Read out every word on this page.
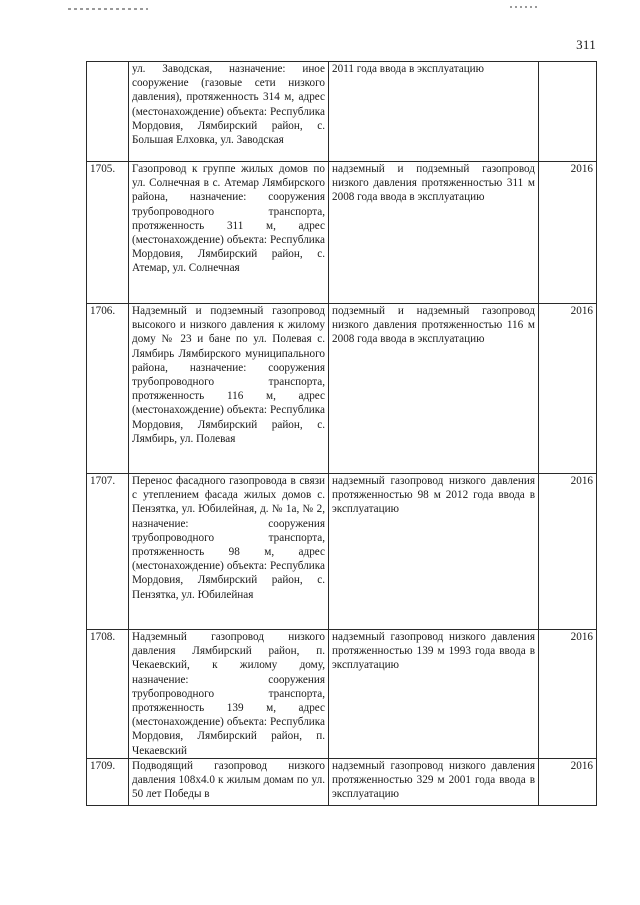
311
	ул. Заводская, назначение: иное сооружение (газовые сети низкого давления), протяженность 314 м, адрес (местонахождение) объекта: Республика Мордовия, Лямбирский район, с. Большая Елховка, ул. Заводская	2011 года ввода в эксплуатацию	
1705.	Газопровод к группе жилых домов по ул. Солнечная в с. Атемар Лямбирского района, назначение: сооружения трубопроводного транспорта, протяженность 311 м, адрес (местонахождение) объекта: Республика Мордовия, Лямбирский район, с. Атемар, ул. Солнечная	надземный и подземный газопровод низкого давления протяженностью 311 м 2008 года ввода в эксплуатацию	2016
1706.	Надземный и подземный газопровод высокого и низкого давления к жилому дому № 23 и бане по ул. Полевая с. Лямбирь Лямбирского муниципального района, назначение: сооружения трубопроводного транспорта, протяженность 116 м, адрес (местонахождение) объекта: Республика Мордовия, Лямбирский район, с. Лямбирь, ул. Полевая	подземный и надземный газопровод низкого давления протяженностью 116 м 2008 года ввода в эксплуатацию	2016
1707.	Перенос фасадного газопровода в связи с утеплением фасада жилых домов с. Пензятка, ул. Юбилейная, д. № 1а, № 2, назначение: сооружения трубопроводного транспорта, протяженность 98 м, адрес (местонахождение) объекта: Республика Мордовия, Лямбирский район, с. Пензятка, ул. Юбилейная	надземный газопровод низкого давления протяженностью 98 м 2012 года ввода в эксплуатацию	2016
1708.	Надземный газопровод низкого давления Лямбирский район, п. Чекаевский, к жилому дому, назначение: сооружения трубопроводного транспорта, протяженность 139 м, адрес (местонахождение) объекта: Республика Мордовия, Лямбирский район, п. Чекаевский	надземный газопровод низкого давления протяженностью 139 м 1993 года ввода в эксплуатацию	2016
1709.	Подводящий газопровод низкого давления 108х4.0 к жилым домам по ул. 50 лет Победы в	надземный газопровод низкого давления протяженностью 329 м 2001 года ввода в эксплуатацию	2016
